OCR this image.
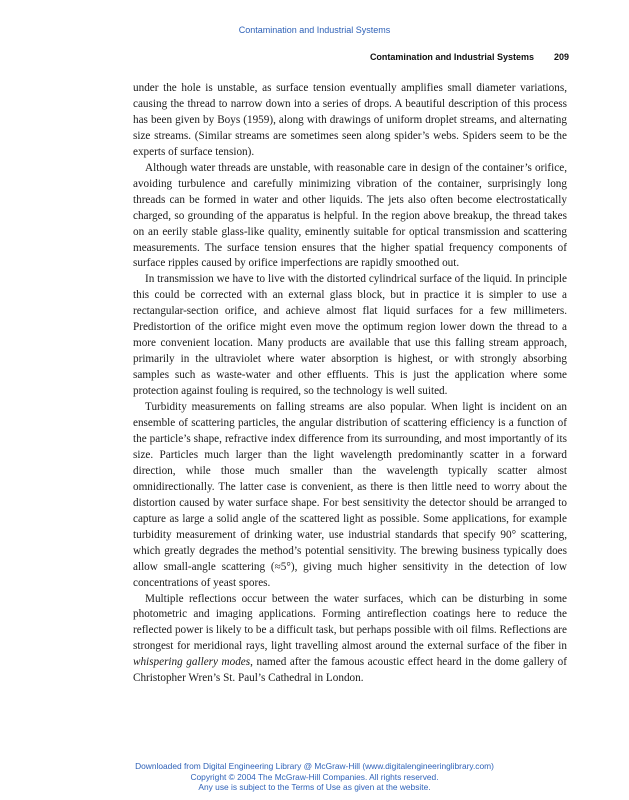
Contamination and Industrial Systems
Contamination and Industrial Systems 209

under the hole is unstable, as surface tension eventually amplifies small diameter variations, causing the thread to narrow down into a series of drops. A beautiful description of this process has been given by Boys (1959), along with drawings of uniform droplet streams, and alternating size streams. (Similar streams are sometimes seen along spider’s webs. Spiders seem to be the experts of surface tension).

Although water threads are unstable, with reasonable care in design of the container’s orifice, avoiding turbulence and carefully minimizing vibration of the container, surprisingly long threads can be formed in water and other liquids. The jets also often become electrostatically charged, so grounding of the apparatus is helpful. In the region above breakup, the thread takes on an eerily stable glass-like quality, eminently suitable for optical transmission and scattering measurements. The surface tension ensures that the higher spatial frequency components of surface ripples caused by orifice imperfections are rapidly smoothed out.

In transmission we have to live with the distorted cylindrical surface of the liquid. In principle this could be corrected with an external glass block, but in practice it is simpler to use a rectangular-section orifice, and achieve almost flat liquid surfaces for a few millimeters. Predistortion of the orifice might even move the optimum region lower down the thread to a more convenient location. Many products are available that use this falling stream approach, primarily in the ultraviolet where water absorption is highest, or with strongly absorbing samples such as waste-water and other effluents. This is just the application where some protection against fouling is required, so the technology is well suited.

Turbidity measurements on falling streams are also popular. When light is incident on an ensemble of scattering particles, the angular distribution of scattering efficiency is a function of the particle’s shape, refractive index difference from its surrounding, and most importantly of its size. Particles much larger than the light wavelength predominantly scatter in a forward direction, while those much smaller than the wavelength typically scatter almost omnidirectionally. The latter case is convenient, as there is then little need to worry about the distortion caused by water surface shape. For best sensitivity the detector should be arranged to capture as large a solid angle of the scattered light as possible. Some applications, for example turbidity measurement of drinking water, use industrial standards that specify 90° scattering, which greatly degrades the method’s potential sensitivity. The brewing business typically does allow small-angle scattering (≈5°), giving much higher sensitivity in the detection of low concentrations of yeast spores.

Multiple reflections occur between the water surfaces, which can be disturbing in some photometric and imaging applications. Forming antireflection coatings here to reduce the reflected power is likely to be a difficult task, but perhaps possible with oil films. Reflections are strongest for meridional rays, light travelling almost around the external surface of the fiber in whispering gallery modes, named after the famous acoustic effect heard in the dome gallery of Christopher Wren’s St. Paul’s Cathedral in London.

Downloaded from Digital Engineering Library @ McGraw-Hill (www.digitalengineeringlibrary.com)
Copyright © 2004 The McGraw-Hill Companies. All rights reserved.
Any use is subject to the Terms of Use as given at the website.
